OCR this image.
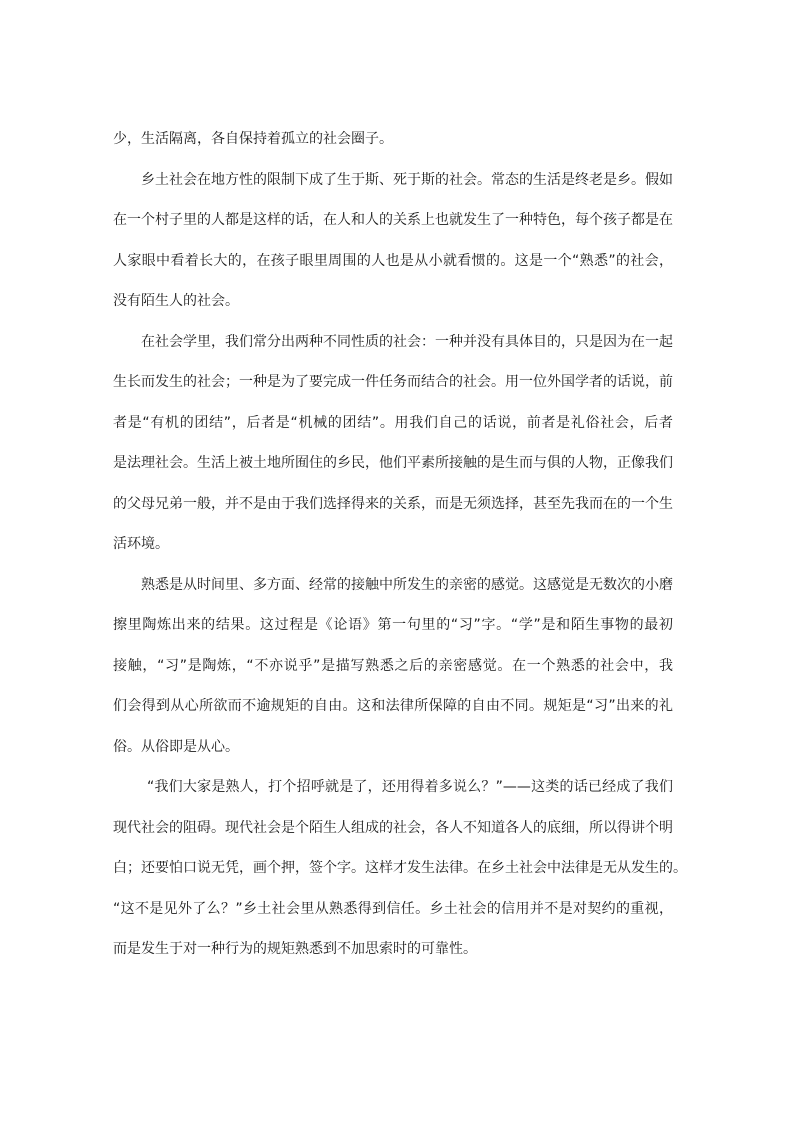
少，生活隔离，各自保持着孤立的社会圈子。
乡土社会在地方性的限制下成了生于斯、死于斯的社会。常态的生活是终老是乡。假如
在一个村子里的人都是这样的话，在人和人的关系上也就发生了一种特色，每个孩子都是在
人家眼中看着长大的，在孩子眼里周围的人也是从小就看惯的。这是一个“熟悉”的社会，
没有陌生人的社会。
在社会学里，我们常分出两种不同性质的社会：一种并没有具体目的，只是因为在一起
生长而发生的社会；一种是为了要完成一件任务而结合的社会。用一位外国学者的话说，前
者是“有机的团结”，后者是“机械的团结”。用我们自己的话说，前者是礼俗社会，后者
是法理社会。生活上被土地所囿住的乡民，他们平素所接触的是生而与俱的人物，正像我们
的父母兄弟一般，并不是由于我们选择得来的关系，而是无须选择，甚至先我而在的一个生
活环境。
熟悉是从时间里、多方面、经常的接触中所发生的亲密的感觉。这感觉是无数次的小磨
擦里陶炼出来的结果。这过程是《论语》第一句里的“习”字。“学”是和陌生事物的最初
接触，“习”是陶炼，“不亦说乎”是描写熟悉之后的亲密感觉。在一个熟悉的社会中，我
们会得到从心所欲而不逾规矩的自由。这和法律所保障的自由不同。规矩是“习”出来的礼
俗。从俗即是从心。
“我们大家是熟人，打个招呼就是了，还用得着多说么？”——这类的话已经成了我们
现代社会的阻碍。现代社会是个陌生人组成的社会，各人不知道各人的底细，所以得讲个明
白；还要怕口说无凭，画个押，签个字。这样才发生法律。在乡土社会中法律是无从发生的。
“这不是见外了么？”乡土社会里从熟悉得到信任。乡土社会的信用并不是对契约的重视，
而是发生于对一种行为的规矩熟悉到不加思索时的可靠性。
